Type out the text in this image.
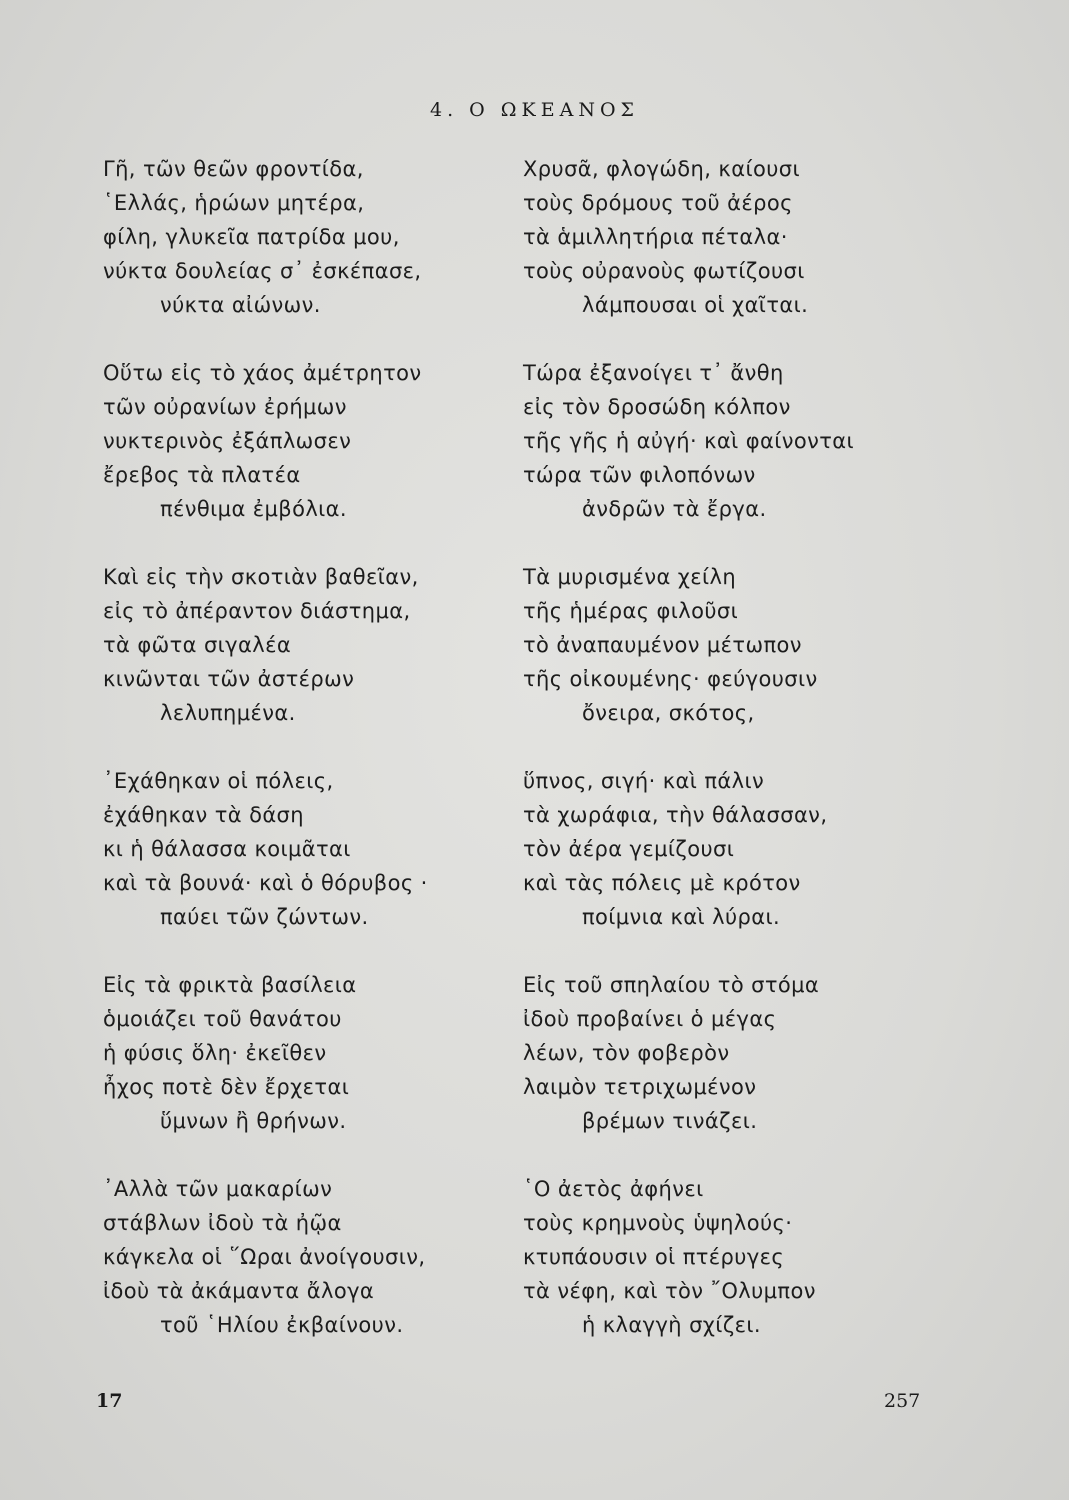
4. Ο ΩΚΕΑΝΟΣ
Γῆ, τῶν θεῶν φροντίδα,
῾Ελλάς, ἡρώων μητέρα,
φίλη, γλυκεῖα πατρίδα μου,
νύκτα δουλείας σ᾽ ἐσκέπασε,
νύκτα αἰώνων.
Οὕτω εἰς τὸ χάος ἀμέτρητον
τῶν οὐρανίων ἐρήμων
νυκτερινὸς ἐξάπλωσεν
ἔρεβος τὰ πλατέα
πένθιμα ἐμβόλια.
Καὶ εἰς τὴν σκοτιὰν βαθεῖαν,
εἰς τὸ ἀπέραντον διάστημα,
τὰ φῶτα σιγαλέα
κινῶνται τῶν ἀστέρων
λελυπημένα.
᾽Εχάθηκαν οἱ πόλεις,
ἐχάθηκαν τὰ δάση
κι ἡ θάλασσα κοιμᾶται
καὶ τὰ βουνά· καὶ ὁ θόρυβος ·
παύει τῶν ζώντων.
Εἰς τὰ φρικτὰ βασίλεια
ὁμοιάζει τοῦ θανάτου
ἡ φύσις ὅλη· ἐκεῖθεν
ἦχος ποτὲ δὲν ἔρχεται
ὕμνων ἢ θρήνων.
᾽Αλλὰ τῶν μακαρίων
στάβλων ἰδοὺ τὰ ἠῷα
κάγκελα οἱ ῞Ωραι ἀνοίγουσιν,
ἰδοὺ τὰ ἀκάμαντα ἄλογα
τοῦ ῾Ηλίου ἐκβαίνουν.
Χρυσᾶ, φλογώδη, καίουσι
τοὺς δρόμους τοῦ ἀέρος
τὰ ἁμιλλητήρια πέταλα·
τοὺς οὐρανοὺς φωτίζουσι
λάμπουσαι οἱ χαῖται.
Τώρα ἐξανοίγει τ᾽ ἄνθη
εἰς τὸν δροσώδη κόλπον
τῆς γῆς ἡ αὐγή· καὶ φαίνονται
τώρα τῶν φιλοπόνων
ἀνδρῶν τὰ ἔργα.
Τὰ μυρισμένα χείλη
τῆς ἡμέρας φιλοῦσι
τὸ ἀναπαυμένον μέτωπον
τῆς οἰκουμένης· φεύγουσιν
ὄνειρα, σκότος,
ὕπνος, σιγή· καὶ πάλιν
τὰ χωράφια, τὴν θάλασσαν,
τὸν ἀέρα γεμίζουσι
καὶ τὰς πόλεις μὲ κρότον
ποίμνια καὶ λύραι.
Εἰς τοῦ σπηλαίου τὸ στόμα
ἰδοὺ προβαίνει ὁ μέγας
λέων, τὸν φοβερὸν
λαιμὸν τετριχωμένον
βρέμων τινάζει.
῾Ο ἀετὸς ἀφήνει
τοὺς κρημνοὺς ὑψηλούς·
κτυπάουσιν οἱ πτέρυγες
τὰ νέφη, καὶ τὸν ῎Ολυμπον
ἡ κλαγγὴ σχίζει.
17	257
